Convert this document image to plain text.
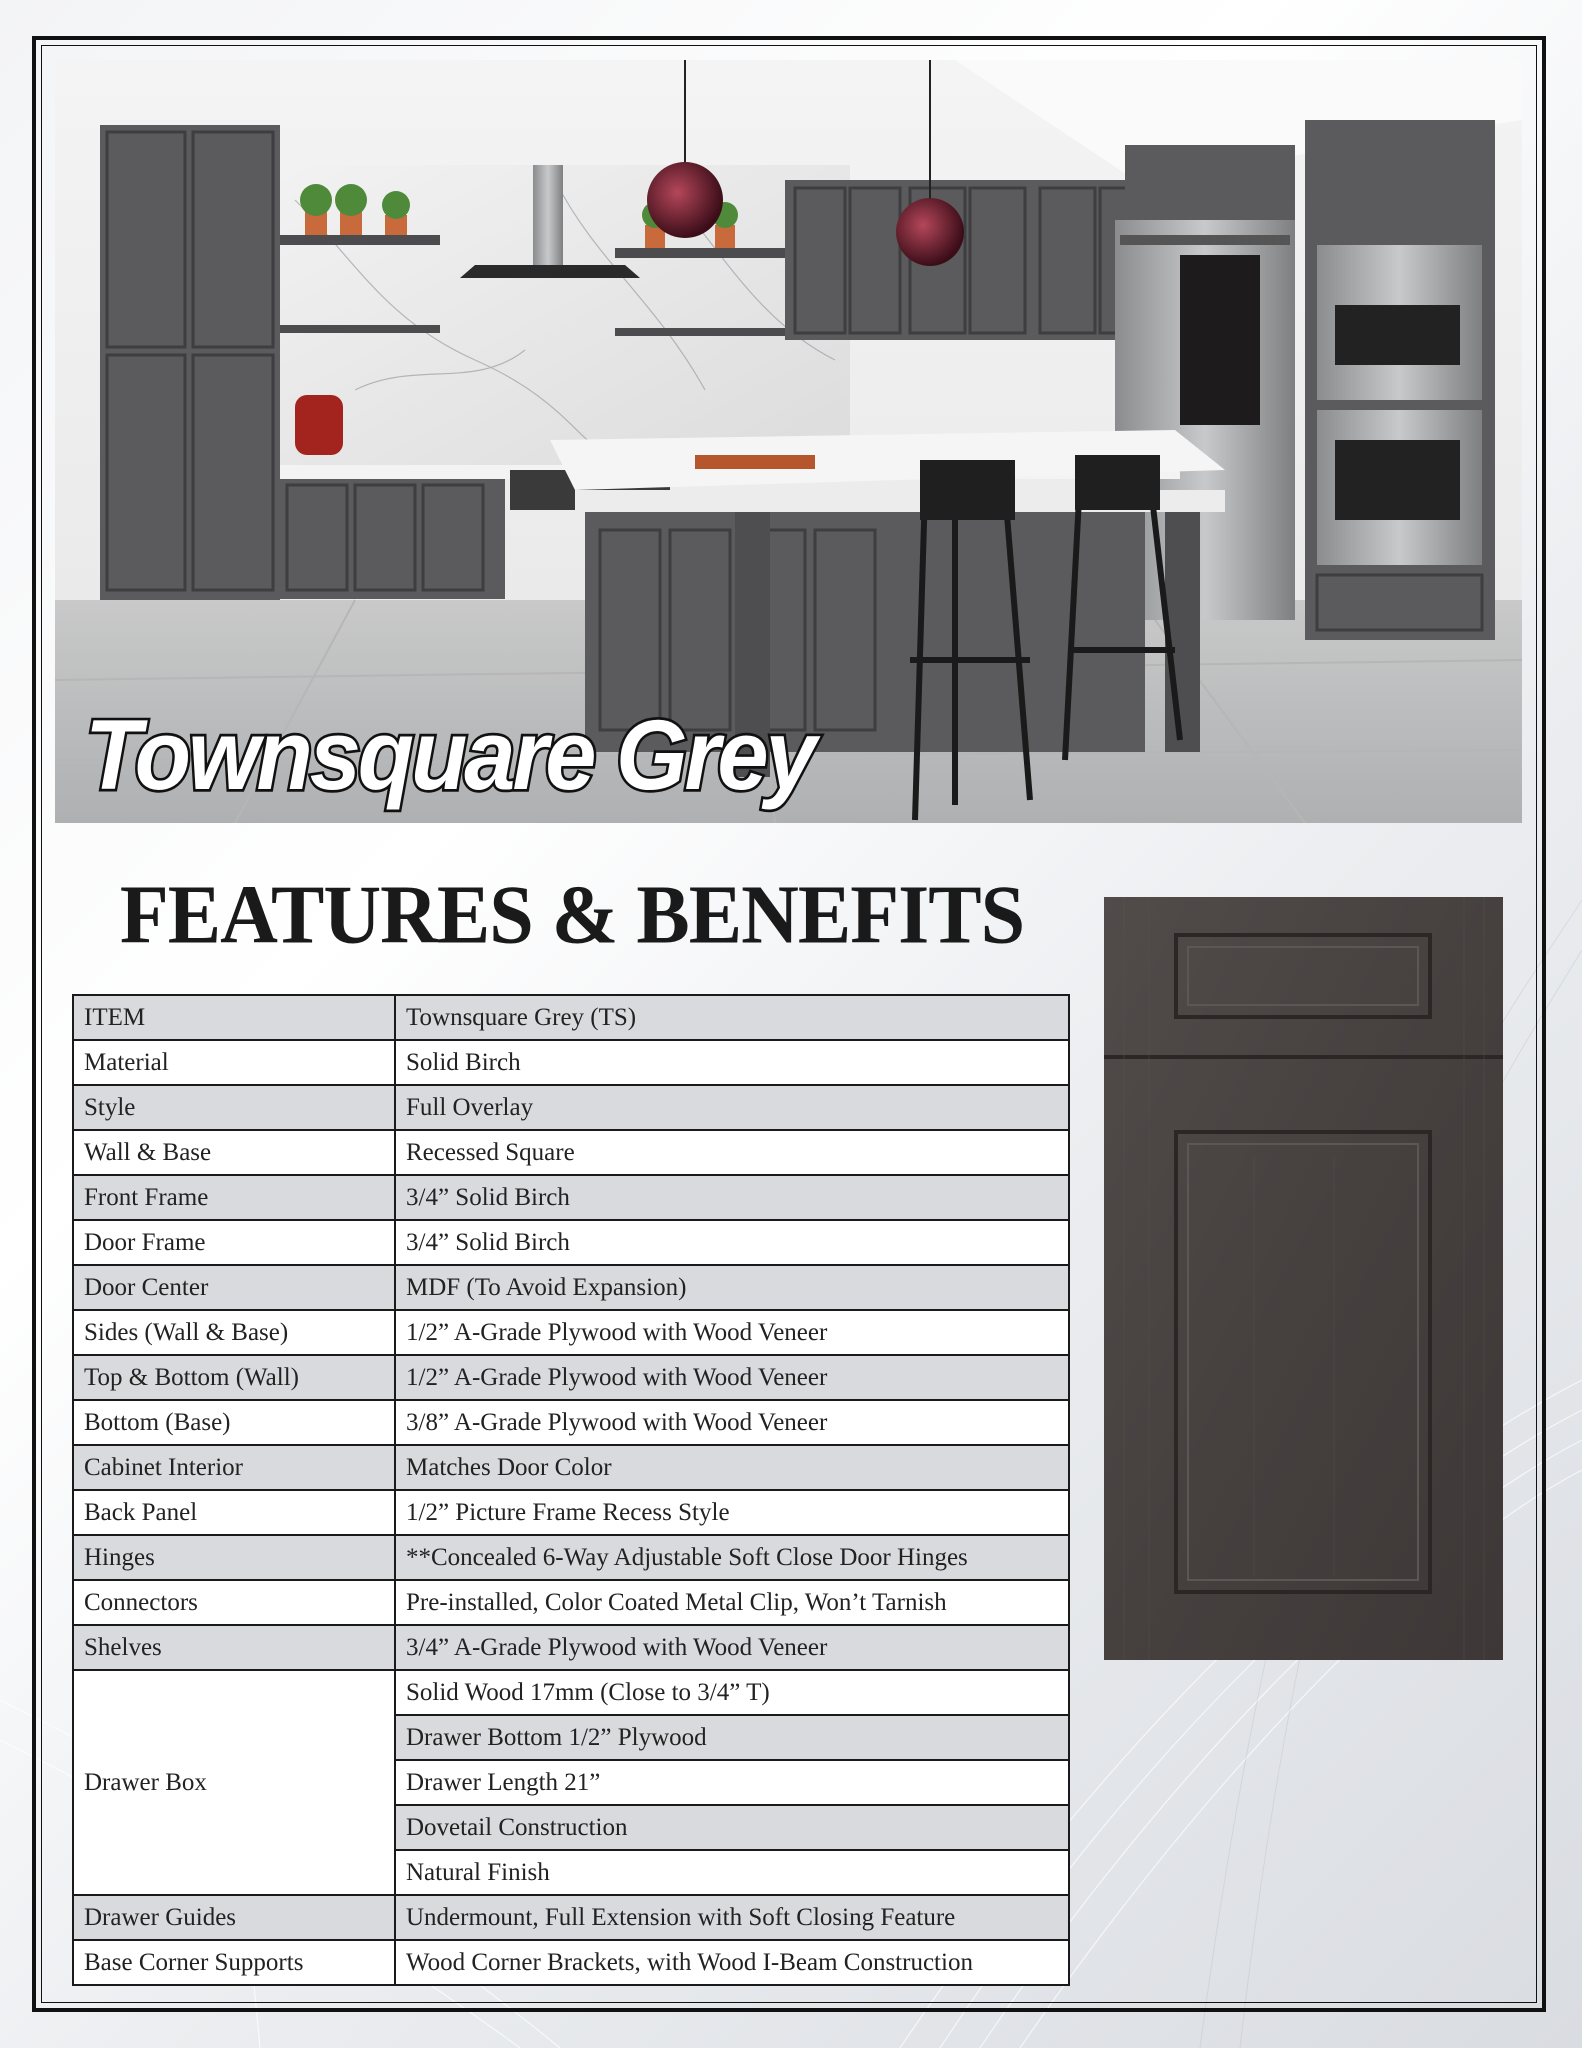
Townsquare Grey
FEATURES & BENEFITS
ITEM	Townsquare Grey (TS)
Material	Solid Birch
Style	Full Overlay
Wall & Base	Recessed Square
Front Frame	3/4” Solid Birch
Door Frame	3/4” Solid Birch
Door Center	MDF (To Avoid Expansion)
Sides (Wall & Base)	1/2” A-Grade Plywood with Wood Veneer
Top & Bottom (Wall)	1/2” A-Grade Plywood with Wood Veneer
Bottom (Base)	3/8” A-Grade Plywood with Wood Veneer
Cabinet Interior	Matches Door Color
Back Panel	1/2” Picture Frame Recess Style
Hinges	**Concealed 6-Way Adjustable Soft Close Door Hinges
Connectors	Pre-installed, Color Coated Metal Clip, Won’t Tarnish
Shelves	3/4” A-Grade Plywood with Wood Veneer
Drawer Box	Solid Wood 17mm (Close to 3/4” T)
	Drawer Bottom 1/2” Plywood
	Drawer Length 21”
	Dovetail Construction
	Natural Finish
Drawer Guides	Undermount, Full Extension with Soft Closing Feature
Base Corner Supports	Wood Corner Brackets, with Wood I-Beam Construction
